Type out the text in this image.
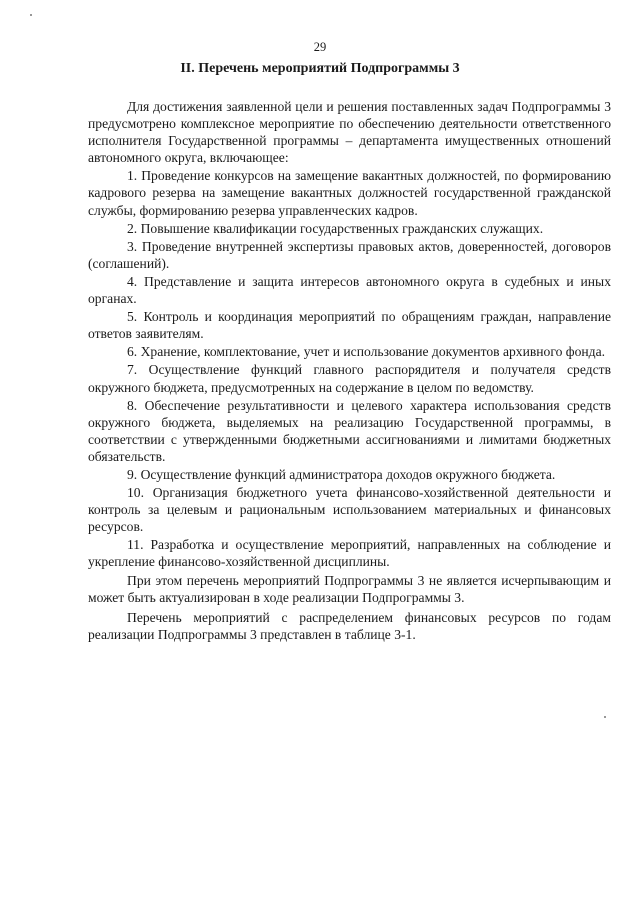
29
II. Перечень мероприятий Подпрограммы 3

Для достижения заявленной цели и решения поставленных задач Подпрограммы 3 предусмотрено комплексное мероприятие по обеспечению деятельности ответственного исполнителя Государственной программы – департамента имущественных отношений автономного округа, включающее:

1. Проведение конкурсов на замещение вакантных должностей, по формированию кадрового резерва на замещение вакантных должностей государственной гражданской службы, формированию резерва управленческих кадров.

2. Повышение квалификации государственных гражданских служащих.

3. Проведение внутренней экспертизы правовых актов, доверенностей, договоров (соглашений).

4. Представление и защита интересов автономного округа в судебных и иных органах.

5. Контроль и координация мероприятий по обращениям граждан, направление ответов заявителям.

6. Хранение, комплектование, учет и использование документов архивного фонда.

7. Осуществление функций главного распорядителя и получателя средств окружного бюджета, предусмотренных на содержание в целом по ведомству.

8. Обеспечение результативности и целевого характера использования средств окружного бюджета, выделяемых на реализацию Государственной программы, в соответствии с утвержденными бюджетными ассигнованиями и лимитами бюджетных обязательств.

9. Осуществление функций администратора доходов окружного бюджета.

10. Организация бюджетного учета финансово-хозяйственной деятельности и контроль за целевым и рациональным использованием материальных и финансовых ресурсов.

11. Разработка и осуществление мероприятий, направленных на соблюдение и укрепление финансово-хозяйственной дисциплины.

При этом перечень мероприятий Подпрограммы 3 не является исчерпывающим и может быть актуализирован в ходе реализации Подпрограммы 3.

Перечень мероприятий с распределением финансовых ресурсов по годам реализации Подпрограммы 3 представлен в таблице 3-1.
